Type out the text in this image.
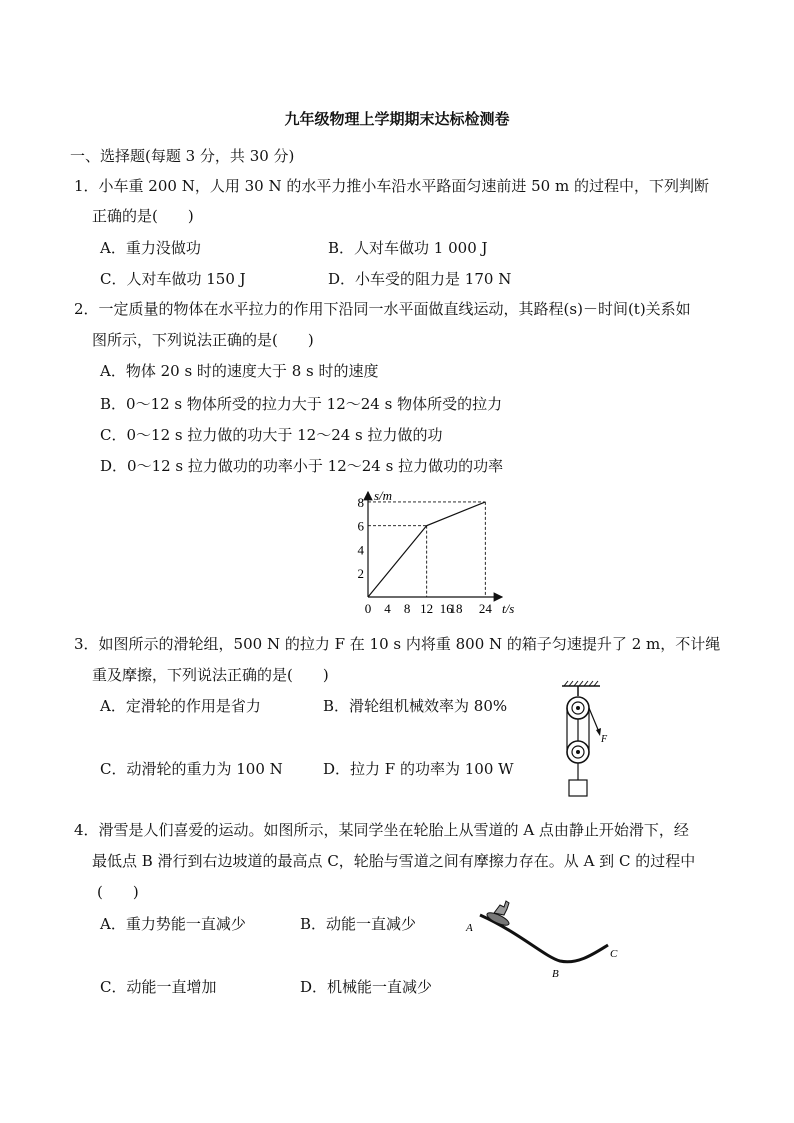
九年级物理上学期期末达标检测卷
一、选择题(每题 3 分，共 30 分)
1．小车重 200 N，人用 30 N 的水平力推小车沿水平路面匀速前进 50 m 的过程中，下列判断
正确的是(　　)
A．重力没做功	B．人对车做功 1 000 J
C．人对车做功 150 J	D．小车受的阻力是 170 N
2．一定质量的物体在水平拉力的作用下沿同一水平面做直线运动，其路程(s)－时间(t)关系如
图所示，下列说法正确的是(　　)
A．物体 20 s 时的速度大于 8 s 时的速度
B．0～12 s 物体所受的拉力大于 12～24 s 物体所受的拉力
C．0～12 s 拉力做的功大于 12～24 s 拉力做的功
D．0～12 s 拉力做功的功率小于 12～24 s 拉力做功的功率
0 4 8 12 16
18 24
2
4
6
8 s/m
t/s
3．如图所示的滑轮组，500 N 的拉力 F 在 10 s 内将重 800 N 的箱子匀速提升了 2 m，不计绳
重及摩擦，下列说法正确的是(　　)
A．定滑轮的作用是省力	B．滑轮组机械效率为 80%
C．动滑轮的重力为 100 N	D．拉力 F 的功率为 100 W
F
4．滑雪是人们喜爱的运动。如图所示，某同学坐在轮胎上从雪道的 A 点由静止开始滑下，经
最低点 B 滑行到右边坡道的最高点 C，轮胎与雪道之间有摩擦力存在。从 A 到 C 的过程中
(　　)
A．重力势能一直减少	B．动能一直减少
C．动能一直增加	D．机械能一直减少
A
B
C
